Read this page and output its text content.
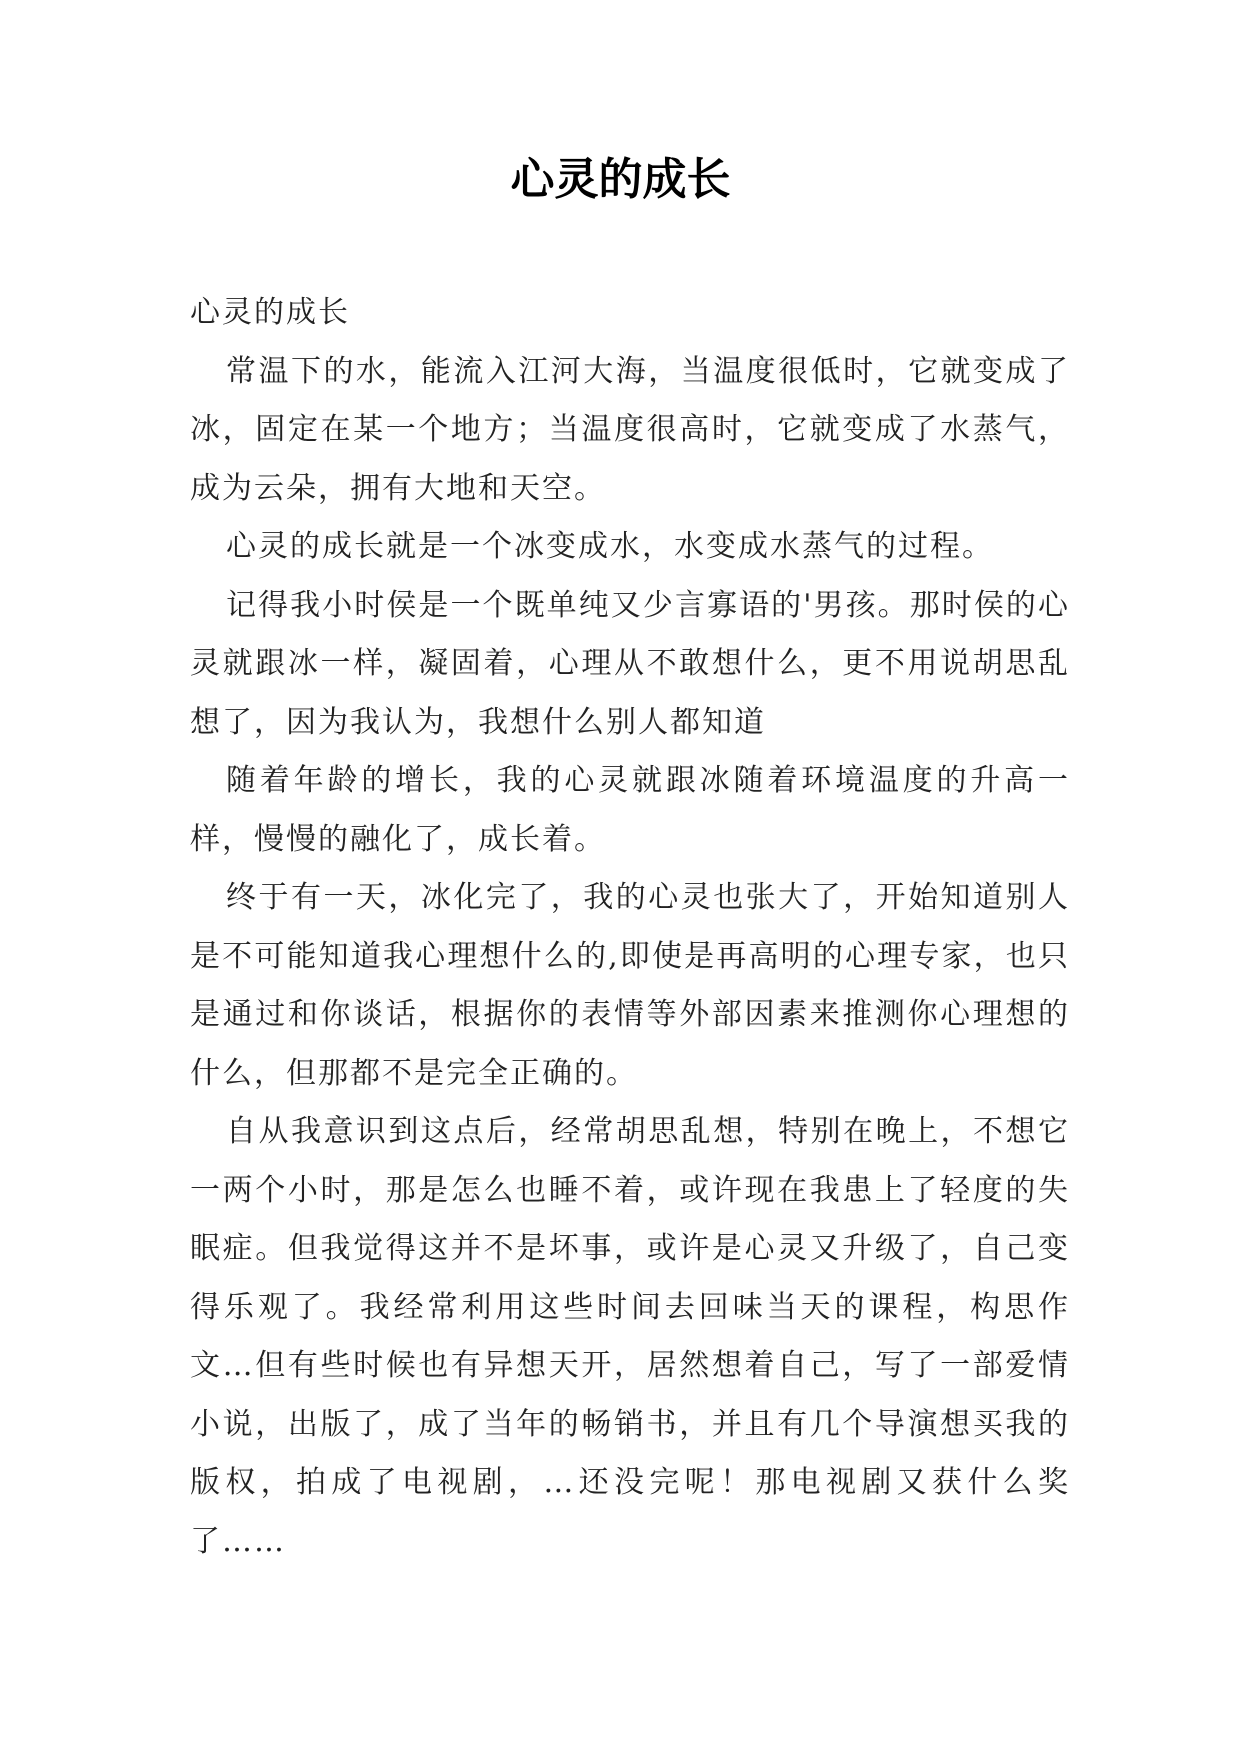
心灵的成长

心灵的成长

常温下的水，能流入江河大海，当温度很低时，它就变成了冰，固定在某一个地方；当温度很高时，它就变成了水蒸气，成为云朵，拥有大地和天空。

心灵的成长就是一个冰变成水，水变成水蒸气的过程。

记得我小时侯是一个既单纯又少言寡语的'男孩。那时侯的心灵就跟冰一样，凝固着，心理从不敢想什么，更不用说胡思乱想了，因为我认为，我想什么别人都知道

随着年龄的增长，我的心灵就跟冰随着环境温度的升高一样，慢慢的融化了，成长着。

终于有一天，冰化完了，我的心灵也张大了，开始知道别人是不可能知道我心理想什么的,即使是再高明的心理专家，也只是通过和你谈话，根据你的表情等外部因素来推测你心理想的什么，但那都不是完全正确的。

自从我意识到这点后，经常胡思乱想，特别在晚上，不想它一两个小时，那是怎么也睡不着，或许现在我患上了轻度的失眠症。但我觉得这并不是坏事，或许是心灵又升级了，自己变得乐观了。我经常利用这些时间去回味当天的课程，构思作文…但有些时候也有异想天开，居然想着自己，写了一部爱情小说，出版了，成了当年的畅销书，并且有几个导演想买我的版权，拍成了电视剧，…还没完呢！那电视剧又获什么奖了……
